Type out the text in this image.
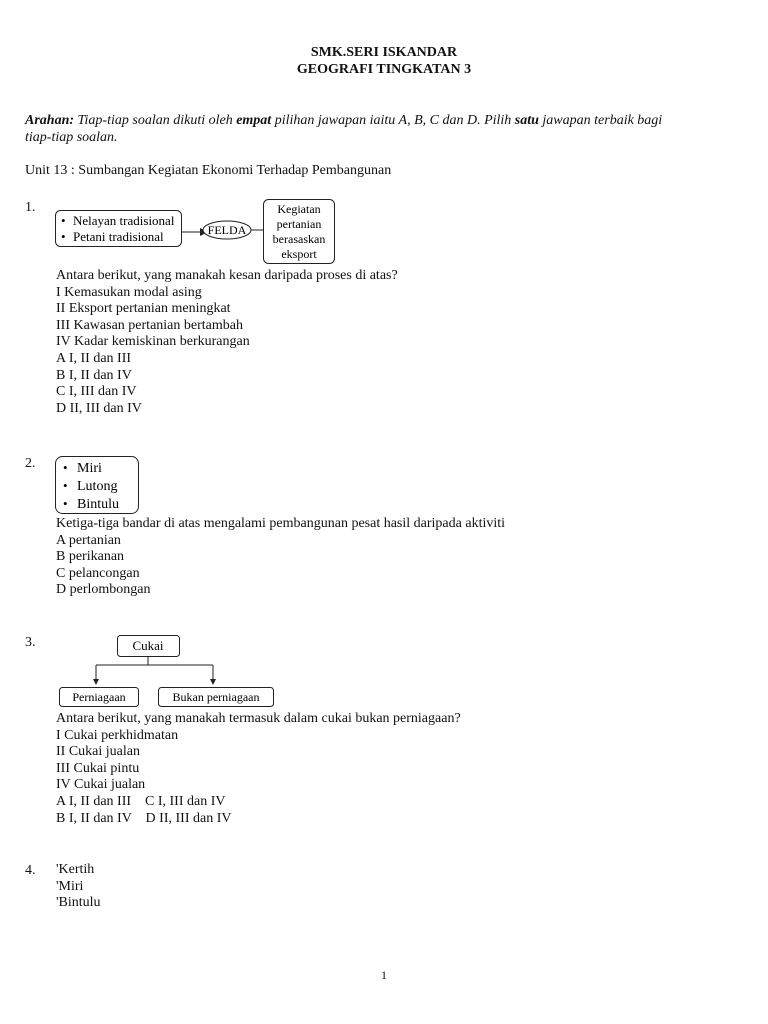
SMK.SERI ISKANDAR
GEOGRAFI TINGKATAN 3
Arahan: Tiap-tiap soalan dikuti oleh empat pilihan jawapan iaitu A, B, C dan D. Pilih satu jawapan terbaik bagi
tiap-tiap soalan.
Unit 13 : Sumbangan Kegiatan Ekonomi Terhadap Pembangunan
1.
• Nelayan tradisional
• Petani tradisional	FELDA
Kegiatan
pertanian
berasaskan
eksport
Antara berikut, yang manakah kesan daripada proses di atas?
I Kemasukan modal asing
II Eksport pertanian meningkat
III Kawasan pertanian bertambah
IV Kadar kemiskinan berkurangan
A I, II dan III
B I, II dan IV
C I, III dan IV
D II, III dan IV
2. • Miri
• Lutong
• Bintulu
Ketiga-tiga bandar di atas mengalami pembangunan pesat hasil daripada aktiviti
A pertanian
B perikanan
C pelancongan
D perlombongan
3.	Cukai
Perniagaan	Bukan perniagaan
Antara berikut, yang manakah termasuk dalam cukai bukan perniagaan?
I Cukai perkhidmatan
II Cukai jualan
III Cukai pintu
IV Cukai jualan
A I, II dan III    C I, III dan IV
B I, II dan IV    D II, III dan IV
4. 'Kertih
'Miri
'Bintulu
1
